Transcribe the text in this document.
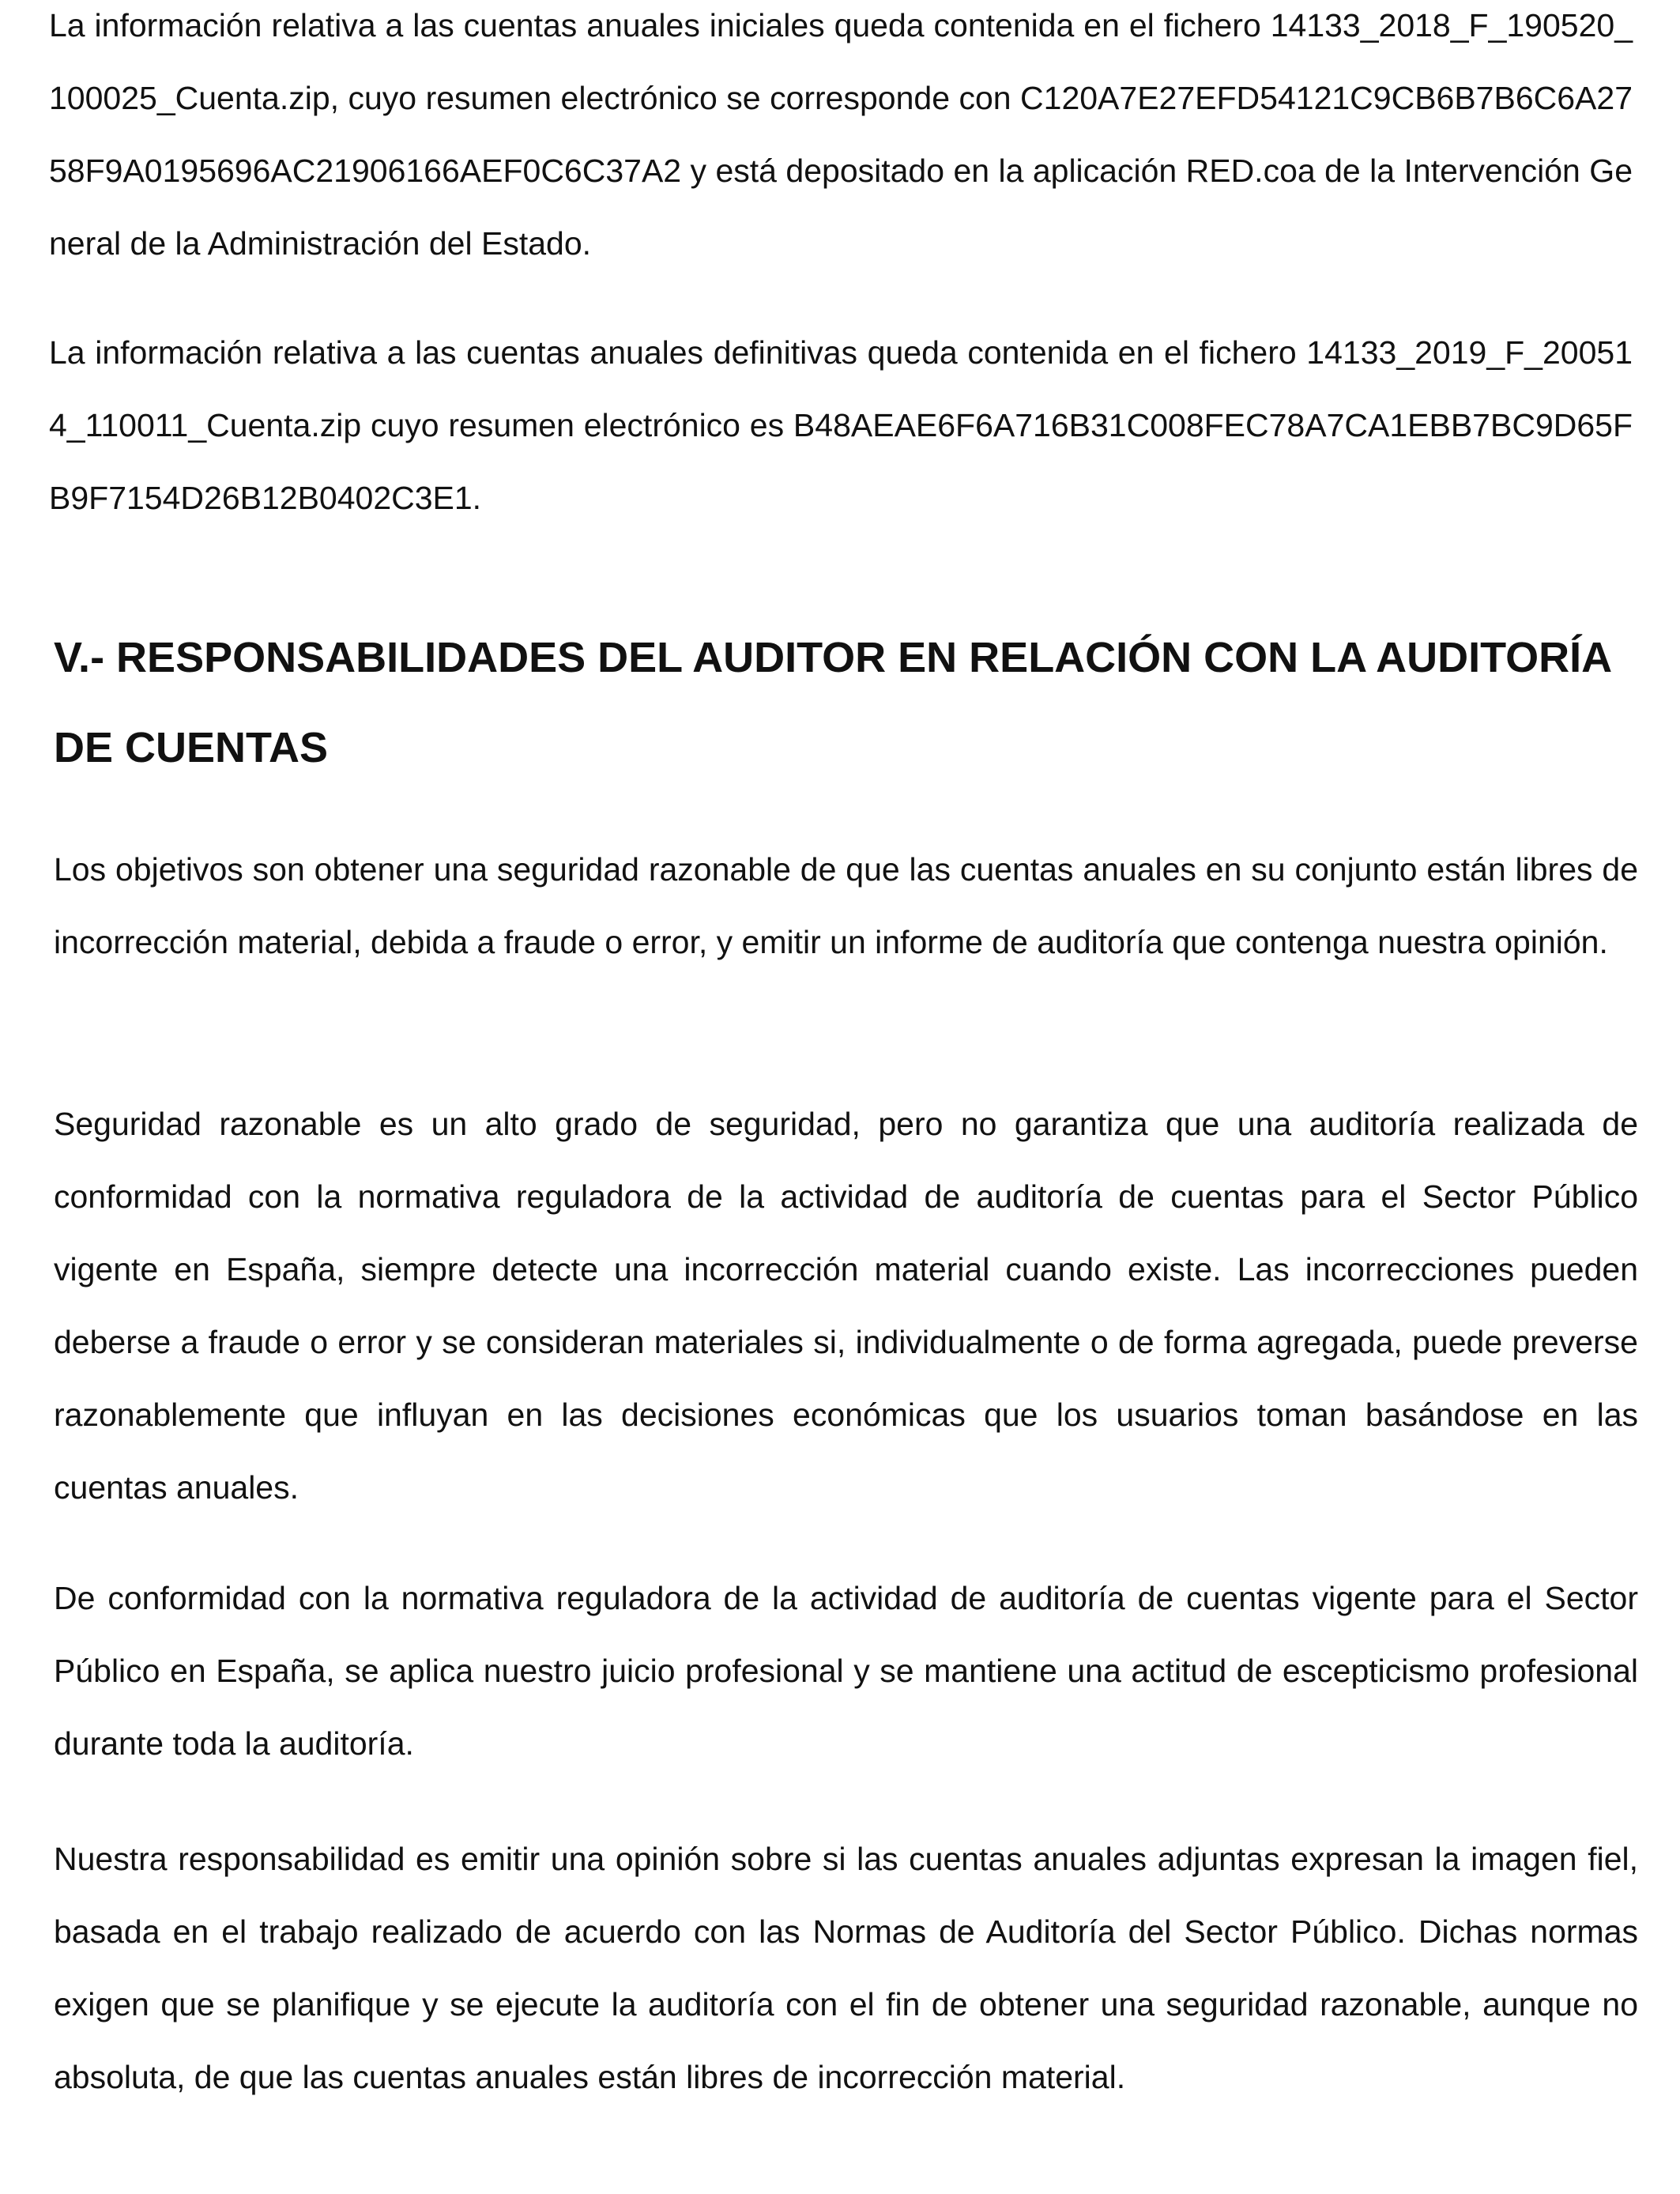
La información relativa a las cuentas anuales iniciales queda contenida en el fichero 14133_2018_F_190520_100025_Cuenta.zip, cuyo resumen electrónico se corresponde con C120A7E27EFD54121C9CB6B7B6C6A2758F9A0195696AC21906166AEF0C6C37A2 y está depositado en la aplicación RED.coa de la Intervención General de la Administración del Estado.

La información relativa a las cuentas anuales definitivas queda contenida en el fichero 14133_2019_F_200514_110011_Cuenta.zip cuyo resumen electrónico es B48AEAE6F6A716B31C008FEC78A7CA1EBB7BC9D65FB9F7154D26B12B0402C3E1.

V.- RESPONSABILIDADES DEL AUDITOR EN RELACIÓN CON LA AUDITORÍA DE CUENTAS

Los objetivos son obtener una seguridad razonable de que las cuentas anuales en su conjunto están libres de incorrección material, debida a fraude o error, y emitir un informe de auditoría que contenga nuestra opinión.

Seguridad razonable es un alto grado de seguridad, pero no garantiza que una auditoría realizada de conformidad con la normativa reguladora de la actividad de auditoría de cuentas para el Sector Público vigente en España, siempre detecte una incorrección material cuando existe. Las incorrecciones pueden deberse a fraude o error y se consideran materiales si, individualmente o de forma agregada, puede preverse razonablemente que influyan en las decisiones económicas que los usuarios toman basándose en las cuentas anuales.

De conformidad con la normativa reguladora de la actividad de auditoría de cuentas vigente para el Sector Público en España, se aplica nuestro juicio profesional y se mantiene una actitud de escepticismo profesional durante toda la auditoría.

Nuestra responsabilidad es emitir una opinión sobre si las cuentas anuales adjuntas expresan la imagen fiel, basada en el trabajo realizado de acuerdo con las Normas de Auditoría del Sector Público. Dichas normas exigen que se planifique y se ejecute la auditoría con el fin de obtener una seguridad razonable, aunque no absoluta, de que las cuentas anuales están libres de incorrección material.
